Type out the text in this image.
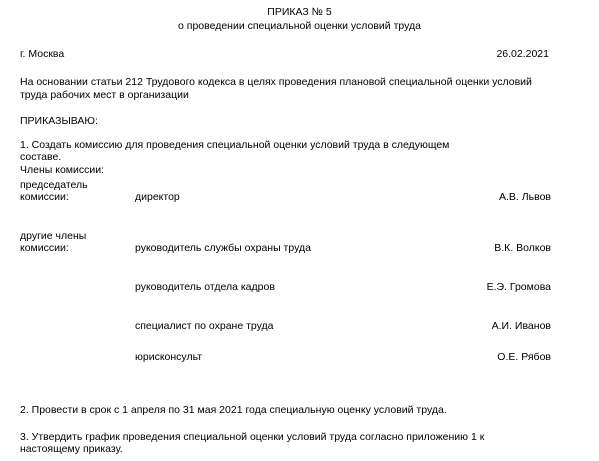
ПРИКАЗ № 5
о проведении специальной оценки условий труда
г. Москва	26.02.2021
На основании статьи 212 Трудового кодекса в целях проведения плановой специальной оценки условий
труда рабочих мест в организации
ПРИКАЗЫВАЮ:
1. Создать комиссию для проведения специальной оценки условий труда в следующем
составе.
Члены комиссии:
председатель
комиссии:	директор	А.В. Львов
другие члены
комиссии:	руководитель службы охраны труда	В.К. Волков
руководитель отдела кадров	Е.Э. Громова
специалист по охране труда	А.И. Иванов
юрисконсульт	О.Е. Рябов
2. Провести в срок с 1 апреля по 31 мая 2021 года специальную оценку условий труда.
3. Утвердить график проведения специальной оценки условий труда согласно приложению 1 к
настоящему приказу.
